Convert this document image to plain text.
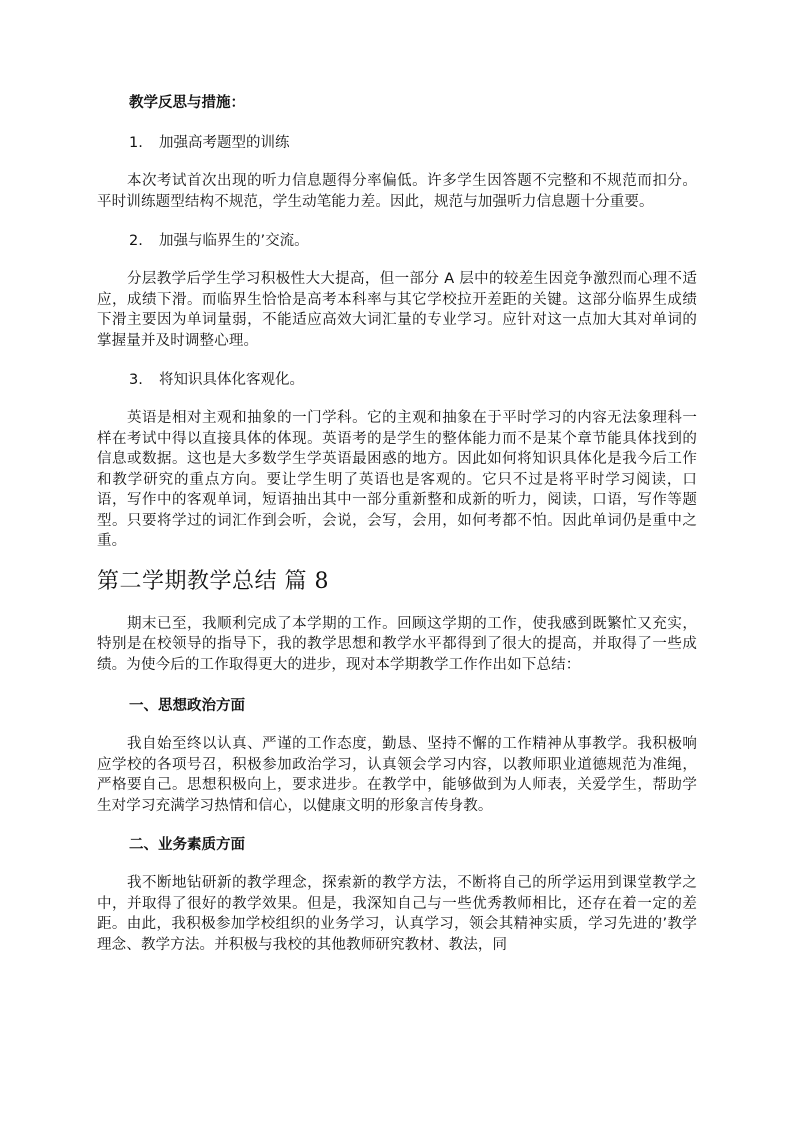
教学反思与措施：
1. 加强高考题型的训练

本次考试首次出现的听力信息题得分率偏低。许多学生因答题不完整和不规范而扣分。平时训练题型结构不规范，学生动笔能力差。因此，规范与加强听力信息题十分重要。

2. 加强与临界生的’交流。

分层教学后学生学习积极性大大提高，但一部分 A 层中的较差生因竞争激烈而心理不适应，成绩下滑。而临界生恰恰是高考本科率与其它学校拉开差距的关键。这部分临界生成绩下滑主要因为单词量弱，不能适应高效大词汇量的专业学习。应针对这一点加大其对单词的掌握量并及时调整心理。

3. 将知识具体化客观化。

英语是相对主观和抽象的一门学科。它的主观和抽象在于平时学习的内容无法象理科一样在考试中得以直接具体的体现。英语考的是学生的整体能力而不是某个章节能具体找到的信息或数据。这也是大多数学生学英语最困惑的地方。因此如何将知识具体化是我今后工作和教学研究的重点方向。要让学生明了英语也是客观的。它只不过是将平时学习阅读，口语，写作中的客观单词，短语抽出其中一部分重新整和成新的听力，阅读，口语，写作等题型。只要将学过的词汇作到会听，会说，会写，会用，如何考都不怕。因此单词仍是重中之重。

第二学期教学总结 篇 8

期末已至，我顺利完成了本学期的工作。回顾这学期的工作，使我感到既繁忙又充实，特别是在校领导的指导下，我的教学思想和教学水平都得到了很大的提高，并取得了一些成绩。为使今后的工作取得更大的进步，现对本学期教学工作作出如下总结：

一、思想政治方面

我自始至终以认真、严谨的工作态度，勤恳、坚持不懈的工作精神从事教学。我积极响应学校的各项号召，积极参加政治学习，认真领会学习内容，以教师职业道德规范为准绳，严格要自己。思想积极向上，要求进步。在教学中，能够做到为人师表，关爱学生，帮助学生对学习充满学习热情和信心，以健康文明的形象言传身教。

二、业务素质方面

我不断地钻研新的教学理念，探索新的教学方法，不断将自己的所学运用到课堂教学之中，并取得了很好的教学效果。但是，我深知自己与一些优秀教师相比，还存在着一定的差距。由此，我积极参加学校组织的业务学习，认真学习，领会其精神实质，学习先进的’教学理念、教学方法。并积极与我校的其他教师研究教材、教法，同
